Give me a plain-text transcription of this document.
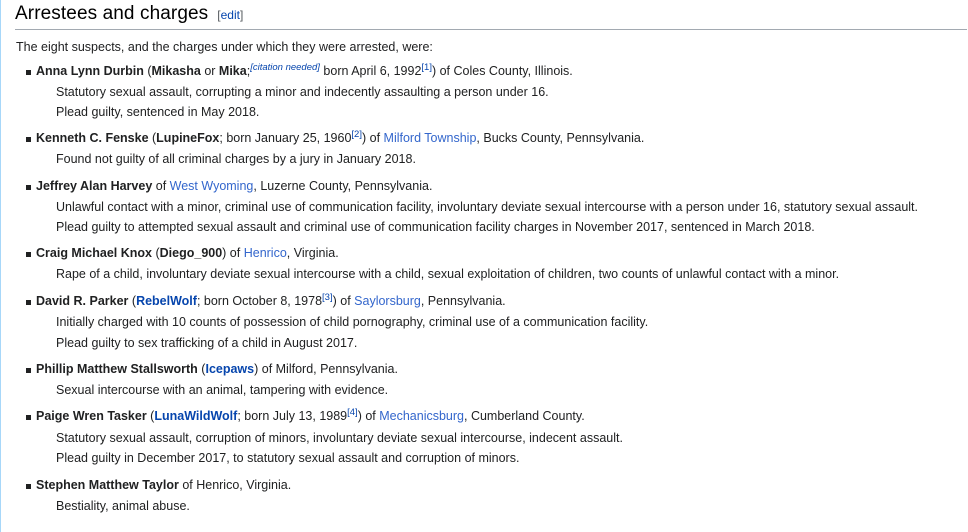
Arrestees and charges [edit]
The eight suspects, and the charges under which they were arrested, were:
Anna Lynn Durbin (Mikasha or Mika;[citation needed] born April 6, 1992[1]) of Coles County, Illinois.
Statutory sexual assault, corrupting a minor and indecently assaulting a person under 16.
Plead guilty, sentenced in May 2018.
Kenneth C. Fenske (LupineFox; born January 25, 1960[2]) of Milford Township, Bucks County, Pennsylvania.
Found not guilty of all criminal charges by a jury in January 2018.
Jeffrey Alan Harvey of West Wyoming, Luzerne County, Pennsylvania.
Unlawful contact with a minor, criminal use of communication facility, involuntary deviate sexual intercourse with a person under 16, statutory sexual assault.
Plead guilty to attempted sexual assault and criminal use of communication facility charges in November 2017, sentenced in March 2018.
Craig Michael Knox (Diego_900) of Henrico, Virginia.
Rape of a child, involuntary deviate sexual intercourse with a child, sexual exploitation of children, two counts of unlawful contact with a minor.
David R. Parker (RebelWolf; born October 8, 1978[3]) of Saylorsburg, Pennsylvania.
Initially charged with 10 counts of possession of child pornography, criminal use of a communication facility.
Plead guilty to sex trafficking of a child in August 2017.
Phillip Matthew Stallsworth (Icepaws) of Milford, Pennsylvania.
Sexual intercourse with an animal, tampering with evidence.
Paige Wren Tasker (LunaWildWolf; born July 13, 1989[4]) of Mechanicsburg, Cumberland County.
Statutory sexual assault, corruption of minors, involuntary deviate sexual intercourse, indecent assault.
Plead guilty in December 2017, to statutory sexual assault and corruption of minors.
Stephen Matthew Taylor of Henrico, Virginia.
Bestiality, animal abuse.
